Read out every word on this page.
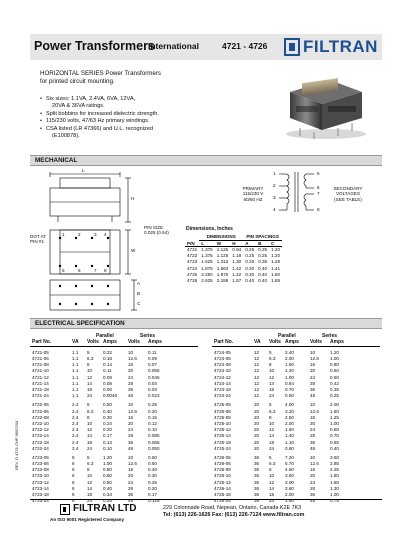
Power Transformers
International	4721 - 4726 FILTRAN
HORIZONTAL SERIES Power Transformers
for printed circuit mounting.
• Six sizes: 1.1VA, 2.4VA, 6VA, 12VA,
20VA & 36VA ratings.
• Split bobbins for increased dielectric strength.
• 115/230 volts, 47/63 Hz primary windings.
• CSA listed (LR 47366) and U.L. recognized
(E100878).
MECHANICAL
L
H
W
A
B
C
PIN SIZE
0.025 (0.64)
DOT AT
PIN #1
1	2	3 4
5	6	7 8
1
2
3
4
5
6
7
8
PRIMARY
115/230 V
60/50 HZ
SECONDARY
VOLTAGES
(SEE TABLE)
Dimensions, Inches
	DIMENSIONS			PIN SPACINGS		
P/N	L	W	H	A	B	C
4721	1.375	1.125	0.94	0.25	0.25	1.20
4722	1.375	1.125	1.18	0.25	0.25	1.20
4723	1.625	1.313	1.30	0.25	0.35	1.28
4724	1.875	1.563	1.42	0.30	0.40	1.41
4725	2.250	1.875	1.42	0.30	0.40	1.60
4726	2.625	2.188	1.57	0.40	0.40	1.85
ELECTRICAL SPECIFICATION
Parallel	Series
Part No.	VA Volts Amps Volts Amps
4721-05	1.1 5	0.22	10	0.11
4721-06	1.1 6.3 0.18	12.6 0.09
4721-08	1.1 8	0.14	16	0.07
4721-10	1.1 10 0.11	20	0.055
4721-12	1.1 12 0.09	24	0.045
4721-14	1.1 14 0.08	28	0.04
4721-18	1.1 18 0.06	36	0.03
4721-24	1.1 24 0.0046 48	0.023
4722-05	2.4 5	0.50	10	0.25
4722-06	2.4 6.3 0.40	12.6 0.20
4722-08	2.4 8	0.30	16	0.15
4722-10	2.4 10 0.24	20	0.12
4722-12	2.4 12 0.20	24	0.10
4722-14	2.4 14 0.17	28	0.085
4722-18	2.4 18 0.13	36	0.065
4722-24	2.4 24 0.10	48	0.050
4723-05	6	5	1.20	10	0.60
4723-06	6	6.3 1.00	12.6 0.50
4723-08	6	8	0.80	16	0.40
4723-10	6	10 0.60	20	0.30
4723-12	6	12 0.50	24	0.25
4723-14	6	14 0.40	28	0.20
4723-18	6	18 0.34	36	0.17
4723-24	6	24 0.25	48	0.125
Parallel	Series
Part No.	VA Volts Amps Volts Amps
4724-05	12 5	2.40	10	1.20
4724-06	12 6.3 2.00	12.6 1.00
4724-08	12 8	1.60	16	0.80
4724-10	12 10 1.20	20	0.60
4724-12	12 12 1.00	24	0.50
4724-14	12 14 0.84	28	0.42
4724-18	12 18 0.70	36	0.35
4724-24	12 24 0.50	48	0.25
4725-05	20 5	4.00	10	2.00
4725-06	20 6.3 3.20	12.6 1.60
4725-08	20 8	2.50	16	1.25
4725-10	20 10 2.00	20	1.00
4725-12	20 12 1.60	24	0.80
4725-14	20 14 1.40	28	0.70
4725-18	20 18 1.10	36	0.55
4725-24	20 24 0.80	48	0.40
4726-05	36 5	7.20	10	3.60
4726-06	36 6.3 5.70	12.6 2.85
4726-08	36 8	4.50	16	2.25
4726-10	36 10 3.60	20	1.80
4726-12	36 12 3.00	24	1.50
4726-14	36 14 2.60	28	1.30
4726-18	36 18 2.00	36	1.00
4726-24	36 24 1.50	48	0.75
REV. D 4721.CHP 96/07/04
FILTRAN LTD
An ISO 9001 Registered Company
229 Colonnade Road, Nepean, Ontario, Canada K2E 7K3
Tel: (613) 226-1626 Fax: (613) 226-7124 www.filtran.com
